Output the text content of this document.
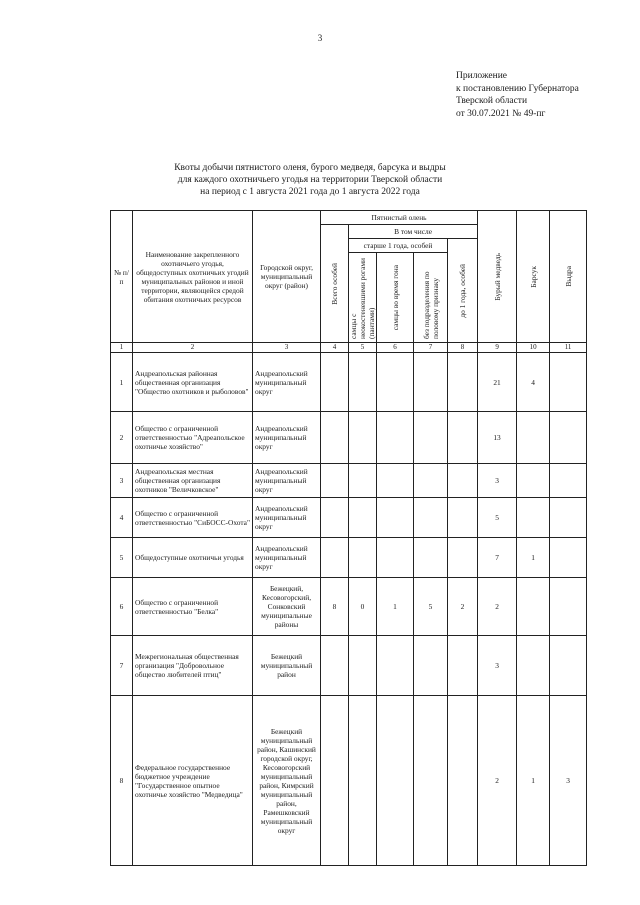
3
Приложение
к постановлению Губернатора
Тверской области
от 30.07.2021 № 49-пг
Квоты добычи пятнистого оленя, бурого медведя, барсука и выдры
для каждого охотничьего угодья на территории Тверской области
на период с 1 августа 2021 года до 1 августа 2022 года
№ п/п	Наименование закрепленного охотничьего угодья, общедоступных охотничьих угодий муниципальных районов и иной территории, являющейся средой обитания охотничьих ресурсов	Городской округ, муниципальный округ (район)	Пятнистый олень					Бурый медведь	Барсук	Выдра

			Всего особей	В том числе						
				старше 1 года, особей			до 1 года, особей			

				самцы с неокостеневшими рогами (пантами)	самцы во время гона	без подразделения по половому признаку				

1	2	3	4	5	6	7	8	9	10	11
1	Андреапольская районная общественная организация "Общество охотников и рыболовов"	Андреапольский муниципальный округ						21	4	
2	Общество с ограниченной ответственностью "Адреапольское охотничье хозяйство"	Андреапольский муниципальный округ						13		
3	Андреапольская местная общественная организация охотников "Величковское"	Андреапольский муниципальный округ						3		
4	Общество с ограниченной ответственностью "СиБОСС-Охота"	Андреапольский муниципальный округ						5		
5	Общедоступные охотничьи угодья	Андреапольский муниципальный округ						7	1	
6	Общество с ограниченной ответственностью "Белка"	Бежецкий, Кесовогорский, Сонковский муниципальные районы	8	0	1	5	2	2		
7	Межрегиональная общественная организация "Добровольное общество любителей птиц"	Бежецкий муниципальный район						3		
8	Федеральное государственное бюджетное учреждение "Государственное опытное охотничье хозяйство "Медведица"	Бежецкий муниципальный район, Кашинский городской округ, Кесовогорский муниципальный район, Кимрский муниципальный район, Рамешковский муниципальный округ						2	1	3
